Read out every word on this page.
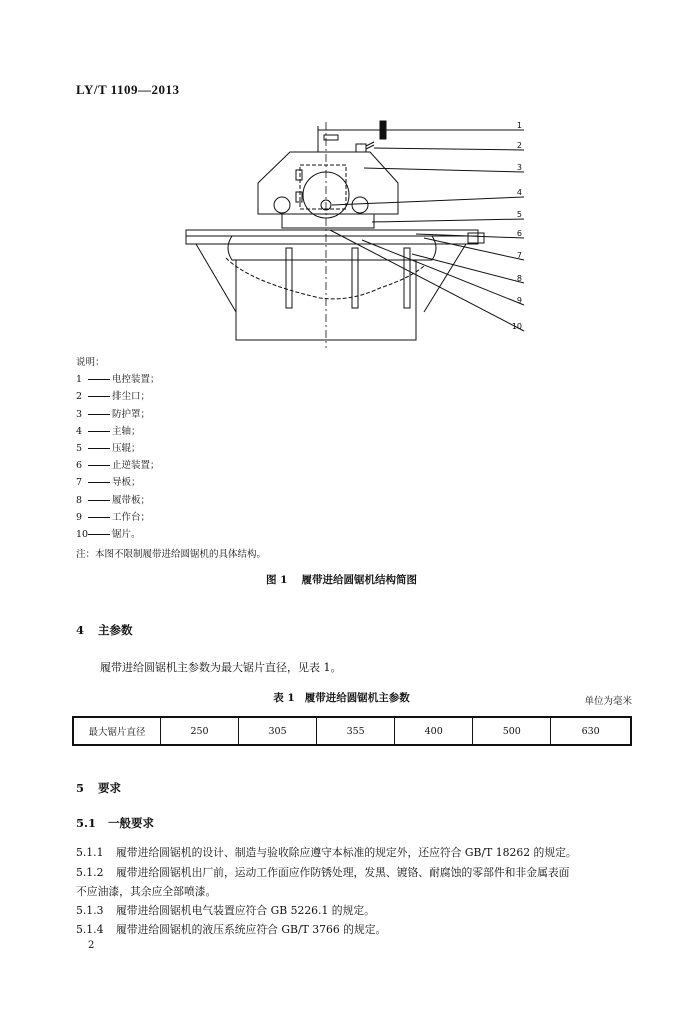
LY/T 1109—2013
1
2
3
4
5
6
7
8
9
10
说明：
1	电控装置；
2	排尘口；
3	防护罩；
4	主轴；
5	压辊；
6	止逆装置；
7	导板；
8	履带板；
9	工作台；
10	锯片。
注：本图不限制履带进给圆锯机的具体结构。
图 1 履带进给圆锯机结构简图
4 主参数
履带进给圆锯机主参数为最大锯片直径，见表 1。
表 1 履带进给圆锯机主参数	单位为毫米
最大锯片直径	250	305	355	400	500	630
5 要求
5.1 一般要求
5.1.1 履带进给圆锯机的设计、制造与验收除应遵守本标准的规定外，还应符合 GB/T 18262 的规定。
5.1.2 履带进给圆锯机出厂前，运动工作面应作防锈处理，发黑、镀铬、耐腐蚀的零部件和非金属表面
不应油漆，其余应全部喷漆。
5.1.3 履带进给圆锯机电气装置应符合 GB 5226.1 的规定。
5.1.4 履带进给圆锯机的液压系统应符合 GB/T 3766 的规定。
2
